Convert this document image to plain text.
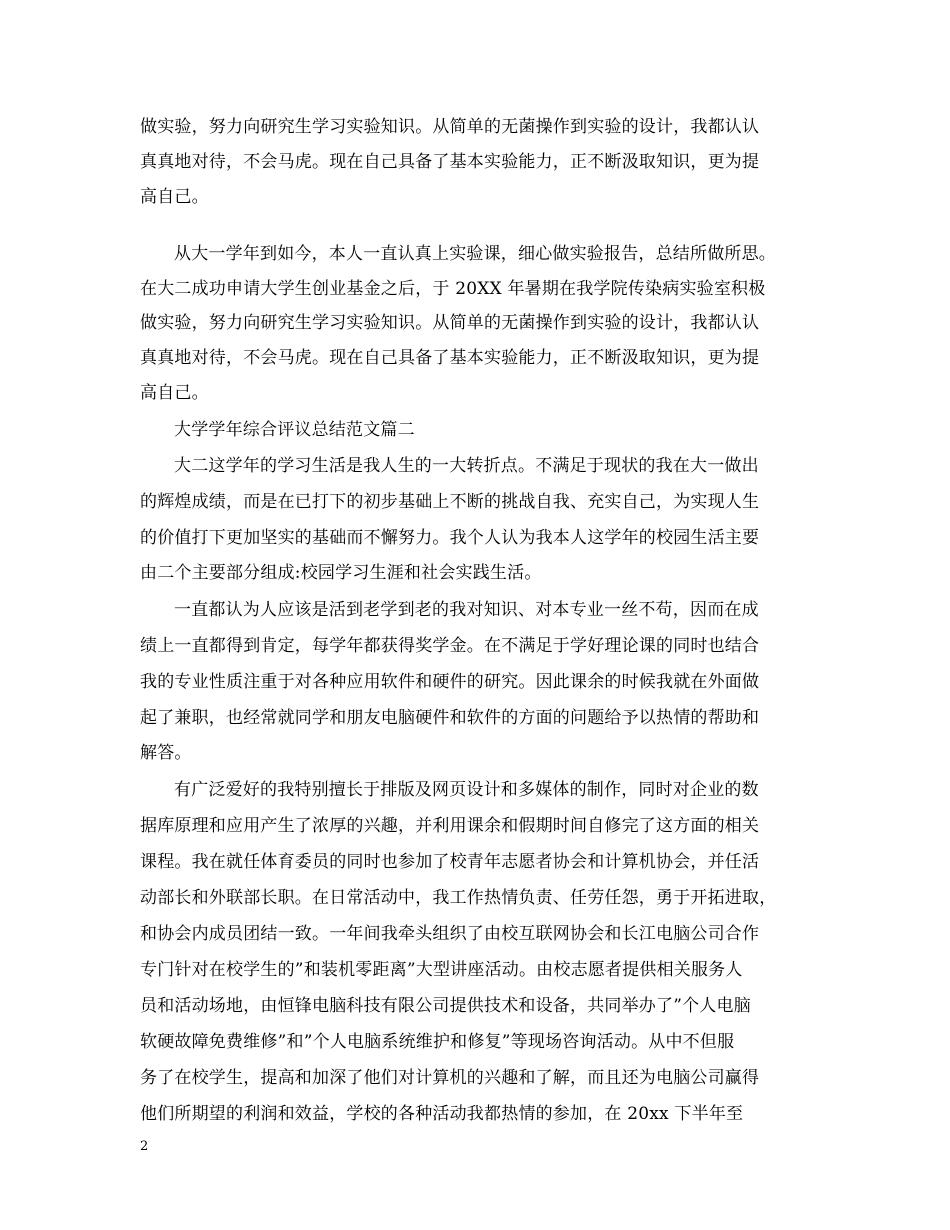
做实验，努力向研究生学习实验知识。从简单的无菌操作到实验的设计，我都认认
真真地对待，不会马虎。现在自己具备了基本实验能力，正不断汲取知识，更为提
高自己。
从大一学年到如今，本人一直认真上实验课，细心做实验报告，总结所做所思。
在大二成功申请大学生创业基金之后，于 20XX 年暑期在我学院传染病实验室积极
做实验，努力向研究生学习实验知识。从简单的无菌操作到实验的设计，我都认认
真真地对待，不会马虎。现在自己具备了基本实验能力，正不断汲取知识，更为提
高自己。
大学学年综合评议总结范文篇二
大二这学年的学习生活是我人生的一大转折点。不满足于现状的我在大一做出
的辉煌成绩，而是在已打下的初步基础上不断的挑战自我、充实自己，为实现人生
的价值打下更加坚实的基础而不懈努力。我个人认为我本人这学年的校园生活主要
由二个主要部分组成:校园学习生涯和社会实践生活。
一直都认为人应该是活到老学到老的我对知识、对本专业一丝不苟，因而在成
绩上一直都得到肯定，每学年都获得奖学金。在不满足于学好理论课的同时也结合
我的专业性质注重于对各种应用软件和硬件的研究。因此课余的时候我就在外面做
起了兼职，也经常就同学和朋友电脑硬件和软件的方面的问题给予以热情的帮助和
解答。
有广泛爱好的我特别擅长于排版及网页设计和多媒体的制作，同时对企业的数
据库原理和应用产生了浓厚的兴趣，并利用课余和假期时间自修完了这方面的相关
课程。我在就任体育委员的同时也参加了校青年志愿者协会和计算机协会，并任活
动部长和外联部长职。在日常活动中，我工作热情负责、任劳任怨，勇于开拓进取，
和协会内成员团结一致。一年间我牵头组织了由校互联网协会和长江电脑公司合作
专门针对在校学生的”和装机零距离”大型讲座活动。由校志愿者提供相关服务人
员和活动场地，由恒锋电脑科技有限公司提供技术和设备，共同举办了”个人电脑
软硬故障免费维修”和”个人电脑系统维护和修复”等现场咨询活动。从中不但服
务了在校学生，提高和加深了他们对计算机的兴趣和了解，而且还为电脑公司赢得
他们所期望的利润和效益，学校的各种活动我都热情的参加，在 20xx 下半年至
2
